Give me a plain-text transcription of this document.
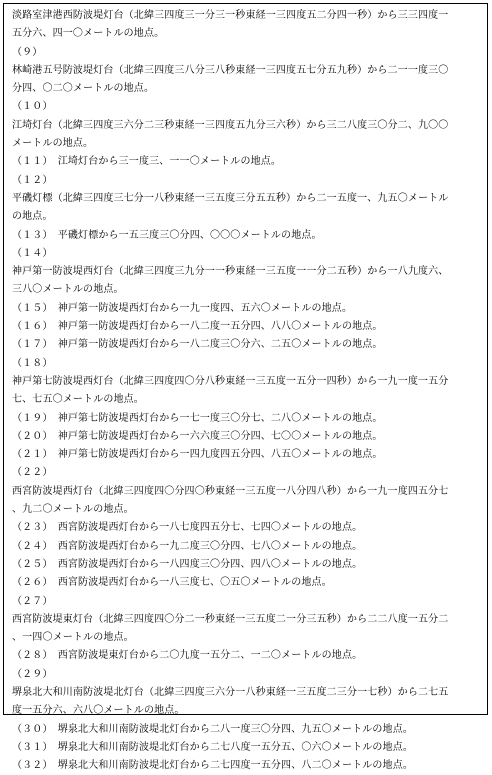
淡路室津港西防波堤灯台（北緯三四度三一分三一秒東経一三四度五二分四一秒）から三三四度一
五分六、四一〇メートルの地点。
（９）
林崎港五号防波堤灯台（北緯三四度三八分三八秒東経一三四度五七分五九秒）から二一一度三〇
分四、〇二〇メートルの地点。
（１０）
江埼灯台（北緯三四度三六分二三秒東経一三四度五九分三六秒）から三二八度三〇分二、九〇〇
メートルの地点。
（１１）　江埼灯台から三一度三、一一〇メートルの地点。
（１２）
平磯灯標（北緯三四度三七分一八秒東経一三五度三分五五秒）から二一五度一、九五〇メートル
の地点。
（１３）　平磯灯標から一五三度三〇分四、〇〇〇メートルの地点。
（１４）
神戸第一防波堤西灯台（北緯三四度三九分一一秒東経一三五度一一分二五秒）から一八九度六、
三八〇メートルの地点。
（１５）　神戸第一防波堤西灯台から一九一度四、五六〇メートルの地点。
（１６）　神戸第一防波堤西灯台から一八二度一五分四、八八〇メートルの地点。
（１７）　神戸第一防波堤西灯台から一八二度三〇分六、二五〇メートルの地点。
（１８）
神戸第七防波堤西灯台（北緯三四度四〇分八秒東経一三五度一五分一四秒）から一九一度一五分
七、七五〇メートルの地点。
（１９）　神戸第七防波堤西灯台から一七一度三〇分七、二八〇メートルの地点。
（２０）　神戸第七防波堤西灯台から一六六度三〇分四、七〇〇メートルの地点。
（２１）　神戸第七防波堤西灯台から一四九度四五分四、八五〇メートルの地点。
（２２）
西宮防波堤西灯台（北緯三四度四〇分四〇秒東経一三五度一八分四八秒）から一九一度四五分七
、九二〇メートルの地点。
（２３）　西宮防波堤西灯台から一八七度四五分七、七四〇メートルの地点。
（２４）　西宮防波堤西灯台から一九二度三〇分四、七八〇メートルの地点。
（２５）　西宮防波堤西灯台から一八四度三〇分四、四八〇メートルの地点。
（２６）　西宮防波堤西灯台から一八三度七、〇五〇メートルの地点。
（２７）
西宮防波堤東灯台（北緯三四度四〇分二一秒東経一三五度二一分三五秒）から二二八度一五分二
、一四〇メートルの地点。
（２８）　西宮防波堤東灯台から二〇九度一五分二、一二〇メートルの地点。
（２９）
堺泉北大和川南防波堤北灯台（北緯三四度三六分一八秒東経一三五度二三分一七秒）から二七五
度一五分六、六八〇メートルの地点。
（３０）　堺泉北大和川南防波堤北灯台から二八一度三〇分四、九五〇メートルの地点。
（３１）　堺泉北大和川南防波堤北灯台から二七八度一五分五、〇六〇メートルの地点。
（３２）　堺泉北大和川南防波堤北灯台から二七四度一五分四、八二〇メートルの地点。
